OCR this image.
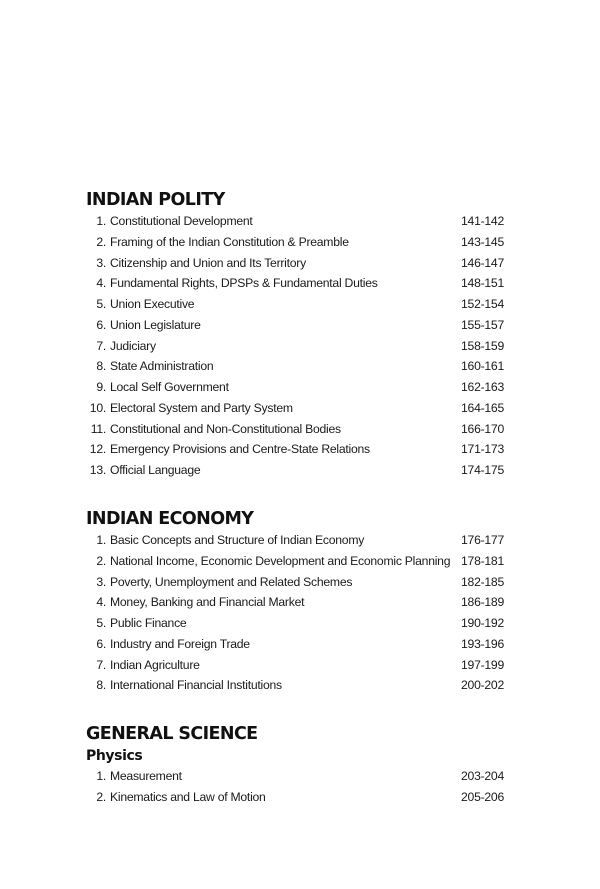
INDIAN POLITY
1. Constitutional Development	141-142
2. Framing of the Indian Constitution & Preamble	143-145
3. Citizenship and Union and Its Territory	146-147
4. Fundamental Rights, DPSPs & Fundamental Duties	148-151
5. Union Executive	152-154
6. Union Legislature	155-157
7. Judiciary	158-159
8. State Administration	160-161
9. Local Self Government	162-163
10. Electoral System and Party System	164-165
11. Constitutional and Non-Constitutional Bodies	166-170
12. Emergency Provisions and Centre-State Relations	171-173
13. Official Language	174-175
INDIAN ECONOMY
1. Basic Concepts and Structure of Indian Economy	176-177
2. National Income, Economic Development and Economic Planning 178-181
3. Poverty, Unemployment and Related Schemes	182-185
4. Money, Banking and Financial Market	186-189
5. Public Finance	190-192
6. Industry and Foreign Trade	193-196
7. Indian Agriculture	197-199
8. International Financial Institutions	200-202
GENERAL SCIENCE
Physics
1. Measurement	203-204
2. Kinematics and Law of Motion	205-206
